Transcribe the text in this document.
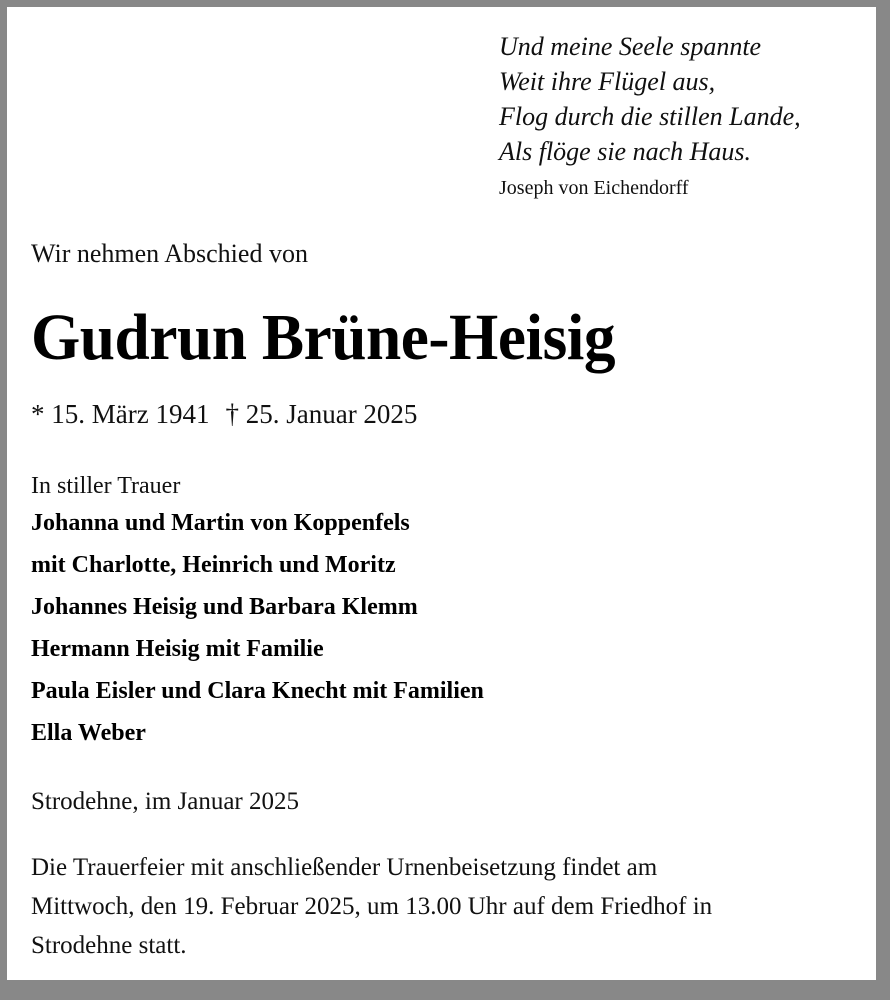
Und meine Seele spannte
Weit ihre Flügel aus,
Flog durch die stillen Lande,
Als flöge sie nach Haus.
Joseph von Eichendorff
Wir nehmen Abschied von
Gudrun Brüne-Heisig
* 15. März 1941 † 25. Januar 2025
In stiller Trauer
Johanna und Martin von Koppenfels
mit Charlotte, Heinrich und Moritz
Johannes Heisig und Barbara Klemm
Hermann Heisig mit Familie
Paula Eisler und Clara Knecht mit Familien
Ella Weber
Strodehne, im Januar 2025
Die Trauerfeier mit anschließender Urnenbeisetzung findet am Mittwoch, den 19. Februar 2025, um 13.00 Uhr auf dem Friedhof in Strodehne statt.
